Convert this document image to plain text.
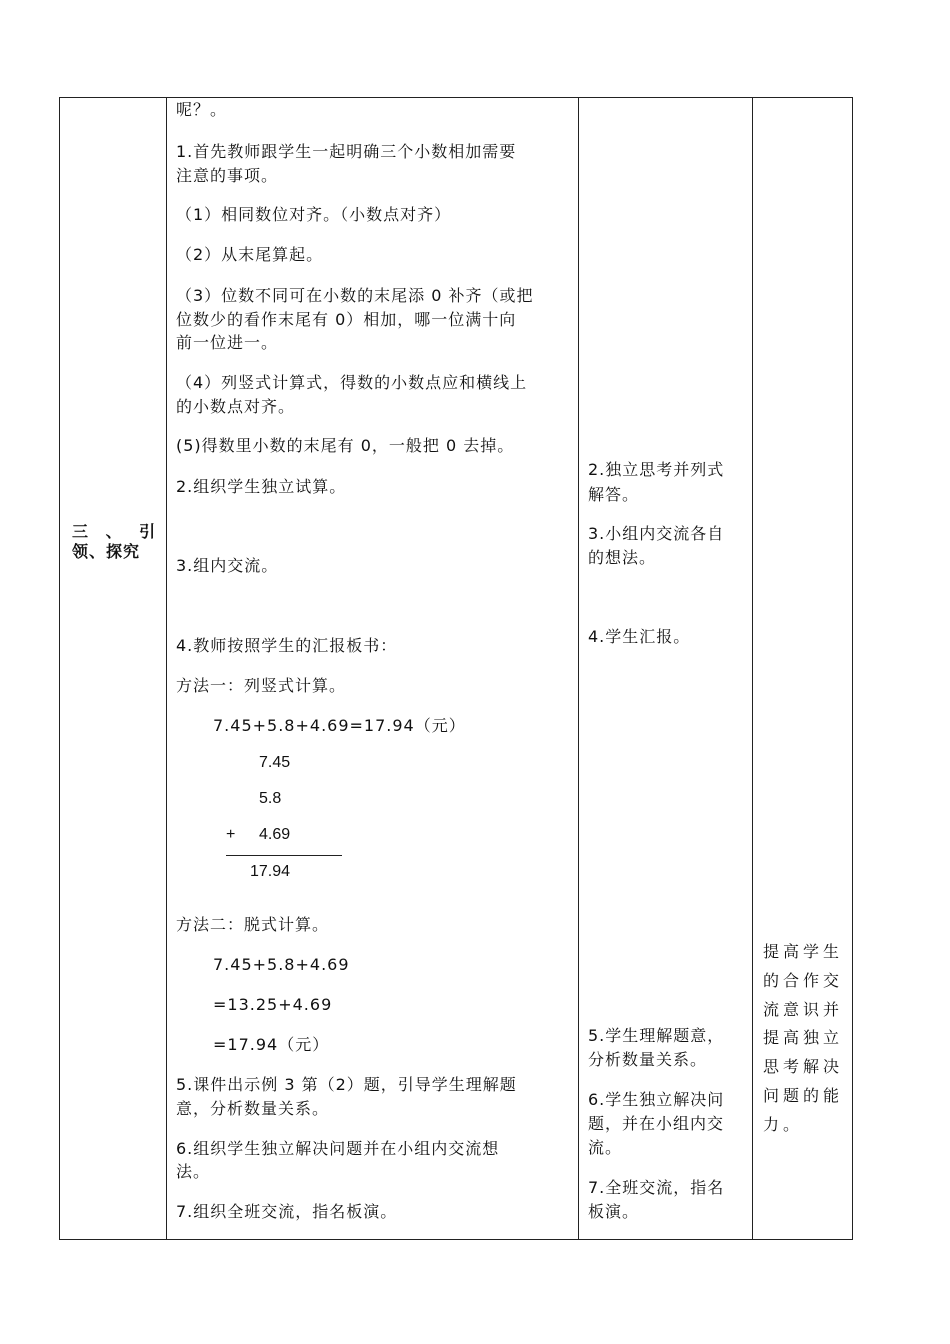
三 、 引
领、探究
呢？。
1.首先教师跟学生一起明确三个小数相加需要
注意的事项。
（1）相同数位对齐。（小数点对齐）
（2）从末尾算起。
（3）位数不同可在小数的末尾添 0 补齐（或把
位数少的看作末尾有 0）相加，哪一位满十向
前一位进一。
（4）列竖式计算式，得数的小数点应和横线上
的小数点对齐。
(5)得数里小数的末尾有 0，一般把 0 去掉。
2.组织学生独立试算。
3.组内交流。
4.教师按照学生的汇报板书：
方法一：列竖式计算。
7.45+5.8+4.69=17.94（元）
7.45
5.8
+ 4.69
17.94
方法二：脱式计算。
7.45+5.8+4.69
=13.25+4.69
=17.94（元）
5.课件出示例 3 第（2）题，引导学生理解题
意，分析数量关系。
6.组织学生独立解决问题并在小组内交流想
法。
7.组织全班交流，指名板演。
2.独立思考并列式
解答。
3.小组内交流各自
的想法。
4.学生汇报。
5.学生理解题意，
分析数量关系。
6.学生独立解决问
题，并在小组内交
流。
7.全班交流，指名
板演。
提高学生
的合作交
流意识并
提高独立
思考解决
问题的能
力。
